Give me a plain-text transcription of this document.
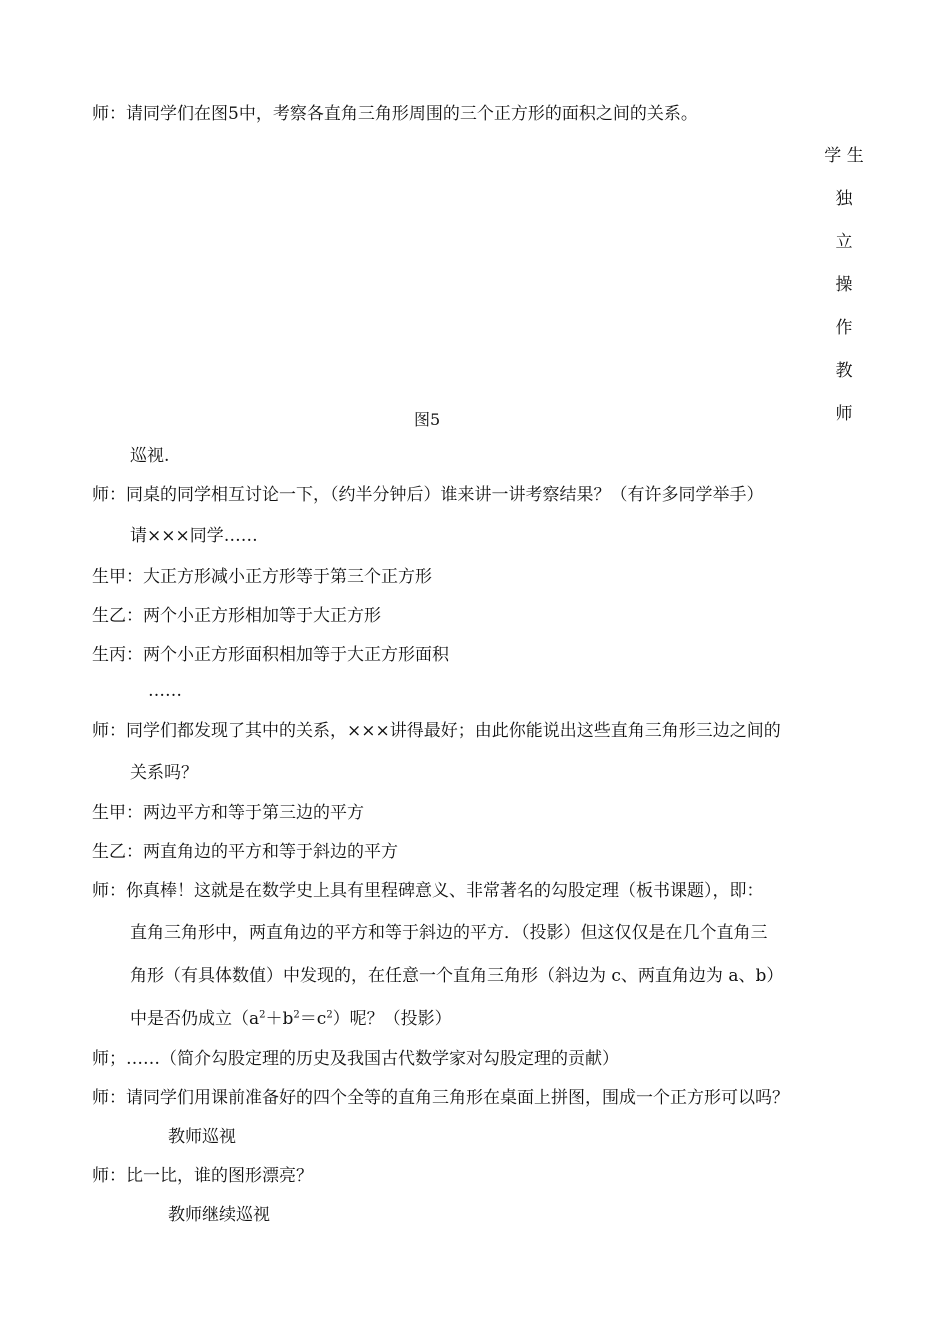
师：请同学们在图5中，考察各直角三角形周围的三个正方形的面积之间的关系。
学 生
独
立
操
作
教
师
图5
巡视.
师：同桌的同学相互讨论一下，（约半分钟后）谁来讲一讲考察结果？（有许多同学举手）
请×××同学……
生甲：大正方形减小正方形等于第三个正方形
生乙：两个小正方形相加等于大正方形
生丙：两个小正方形面积相加等于大正方形面积
……
师：同学们都发现了其中的关系，×××讲得最好；由此你能说出这些直角三角形三边之间的
关系吗？
生甲：两边平方和等于第三边的平方
生乙：两直角边的平方和等于斜边的平方
师：你真棒！这就是在数学史上具有里程碑意义、非常著名的勾股定理（板书课题），即：
直角三角形中，两直角边的平方和等于斜边的平方．（投影）但这仅仅是在几个直角三
角形（有具体数值）中发现的，在任意一个直角三角形（斜边为 c、两直角边为 a、b）
中是否仍成立$(a^2+b^2=c^2)$呢？（投影）
师；……（简介勾股定理的历史及我国古代数学家对勾股定理的贡献）
师：请同学们用课前准备好的四个全等的直角三角形在桌面上拼图，围成一个正方形可以吗？
教师巡视
师：比一比，谁的图形漂亮？
教师继续巡视
